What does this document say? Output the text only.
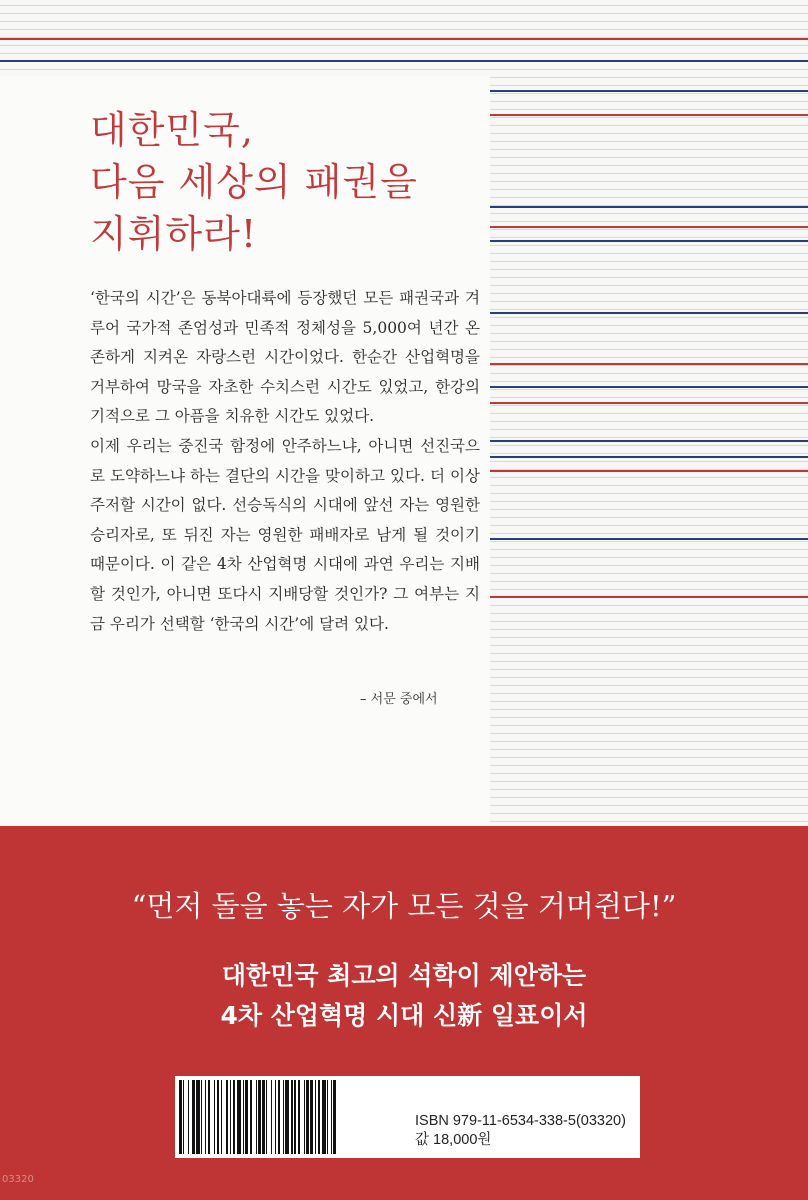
대한민국,
다음 세상의 패권을
지휘하라!

‘한국의 시간’은 동북아대륙에 등장했던 모든 패권국과 겨루어 국가적 존엄성과 민족적 정체성을 5,000여 년간 온존하게 지켜온 자랑스런 시간이었다. 한순간 산업혁명을 거부하여 망국을 자초한 수치스런 시간도 있었고, 한강의 기적으로 그 아픔을 치유한 시간도 있었다.

이제 우리는 중진국 함정에 안주하느냐, 아니면 선진국으로 도약하느냐 하는 결단의 시간을 맞이하고 있다. 더 이상 주저할 시간이 없다. 선승독식의 시대에 앞선 자는 영원한 승리자로, 또 뒤진 자는 영원한 패배자로 남게 될 것이기 때문이다. 이 같은 4차 산업혁명 시대에 과연 우리는 지배할 것인가, 아니면 또다시 지배당할 것인가? 그 여부는 지금 우리가 선택할 ‘한국의 시간’에 달려 있다.

– 서문 중에서

“먼저 돌을 놓는 자가 모든 것을 거머쥔다!”

대한민국 최고의 석학이 제안하는

4차 산업혁명 시대 신新 일표이서

ISBN 979-11-6534-338-5(03320)
값 18,000원
03320
